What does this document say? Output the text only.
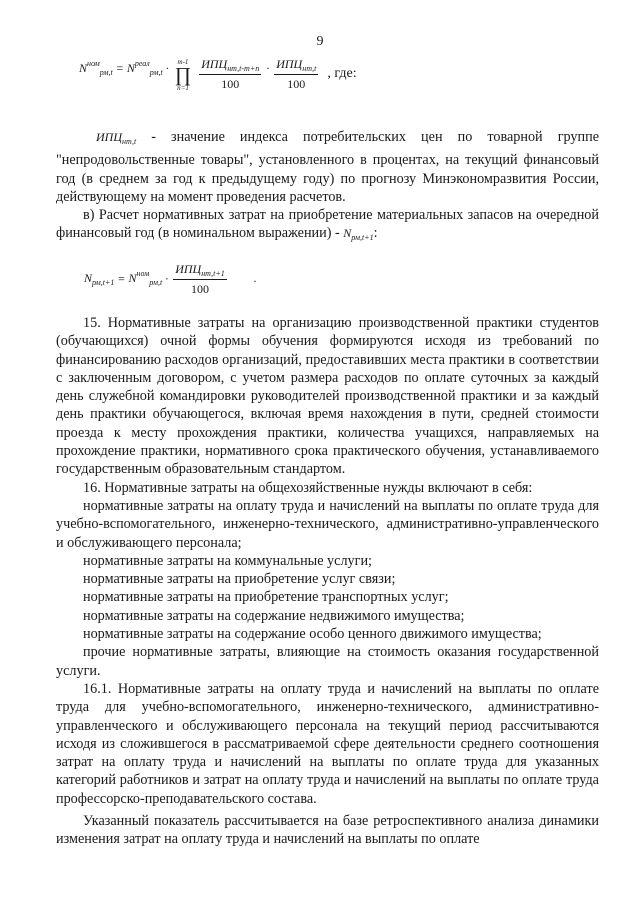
9
$N^{ном}_{рм,t} = N^{реал}_{рм,t}$ ·	m-1
∏
n=1
$\frac{ИПЦ_{нт,t-m+n}}{100} \cdot \frac{ИПЦ_{нт,t}}{100}$ , где:

$ИПЦ_{нт,t}$ - значение индекса потребительских цен по товарной группе "непродовольственные товары", установленного в процентах, на текущий финансовый год (в среднем за год к предыдущему году) по прогнозу Минэкономразвития России, действующему на момент проведения расчетов.

в) Расчет нормативных затрат на приобретение материальных запасов на очередной финансовый год (в номинальном выражении) - $N_{рм,t+1}$:

$N_{рм,t+1} = N^{ном}_{рм,t} \cdot \frac{ИПЦ_{нт,t+1}}{100}$ .

15. Нормативные затраты на организацию производственной практики студентов (обучающихся) очной формы обучения формируются исходя из требований по финансированию расходов организаций, предоставивших места практики в соответствии с заключенным договором, с учетом размера расходов по оплате суточных за каждый день служебной командировки руководителей производственной практики и за каждый день практики обучающегося, включая время нахождения в пути, средней стоимости проезда к месту прохождения практики, количества учащихся, направляемых на прохождение практики, нормативного срока практического обучения, устанавливаемого государственным образовательным стандартом.

16. Нормативные затраты на общехозяйственные нужды включают в себя:

нормативные затраты на оплату труда и начислений на выплаты по оплате труда для учебно-вспомогательного, инженерно-технического, административно-управленческого и обслуживающего персонала;

нормативные затраты на коммунальные услуги;

нормативные затраты на приобретение услуг связи;

нормативные затраты на приобретение транспортных услуг;

нормативные затраты на содержание недвижимого имущества;

нормативные затраты на содержание особо ценного движимого имущества;

прочие нормативные затраты, влияющие на стоимость оказания государственной услуги.

16.1. Нормативные затраты на оплату труда и начислений на выплаты по оплате труда для учебно-вспомогательного, инженерно-технического, административно-управленческого и обслуживающего персонала на текущий период рассчитываются исходя из сложившегося в рассматриваемой сфере деятельности среднего соотношения затрат на оплату труда и начислений на выплаты по оплате труда для указанных категорий работников и затрат на оплату труда и начислений на выплаты по оплате труда профессорско-преподавательского состава.

Указанный показатель рассчитывается на базе ретроспективного анализа динамики изменения затрат на оплату труда и начислений на выплаты по оплате
